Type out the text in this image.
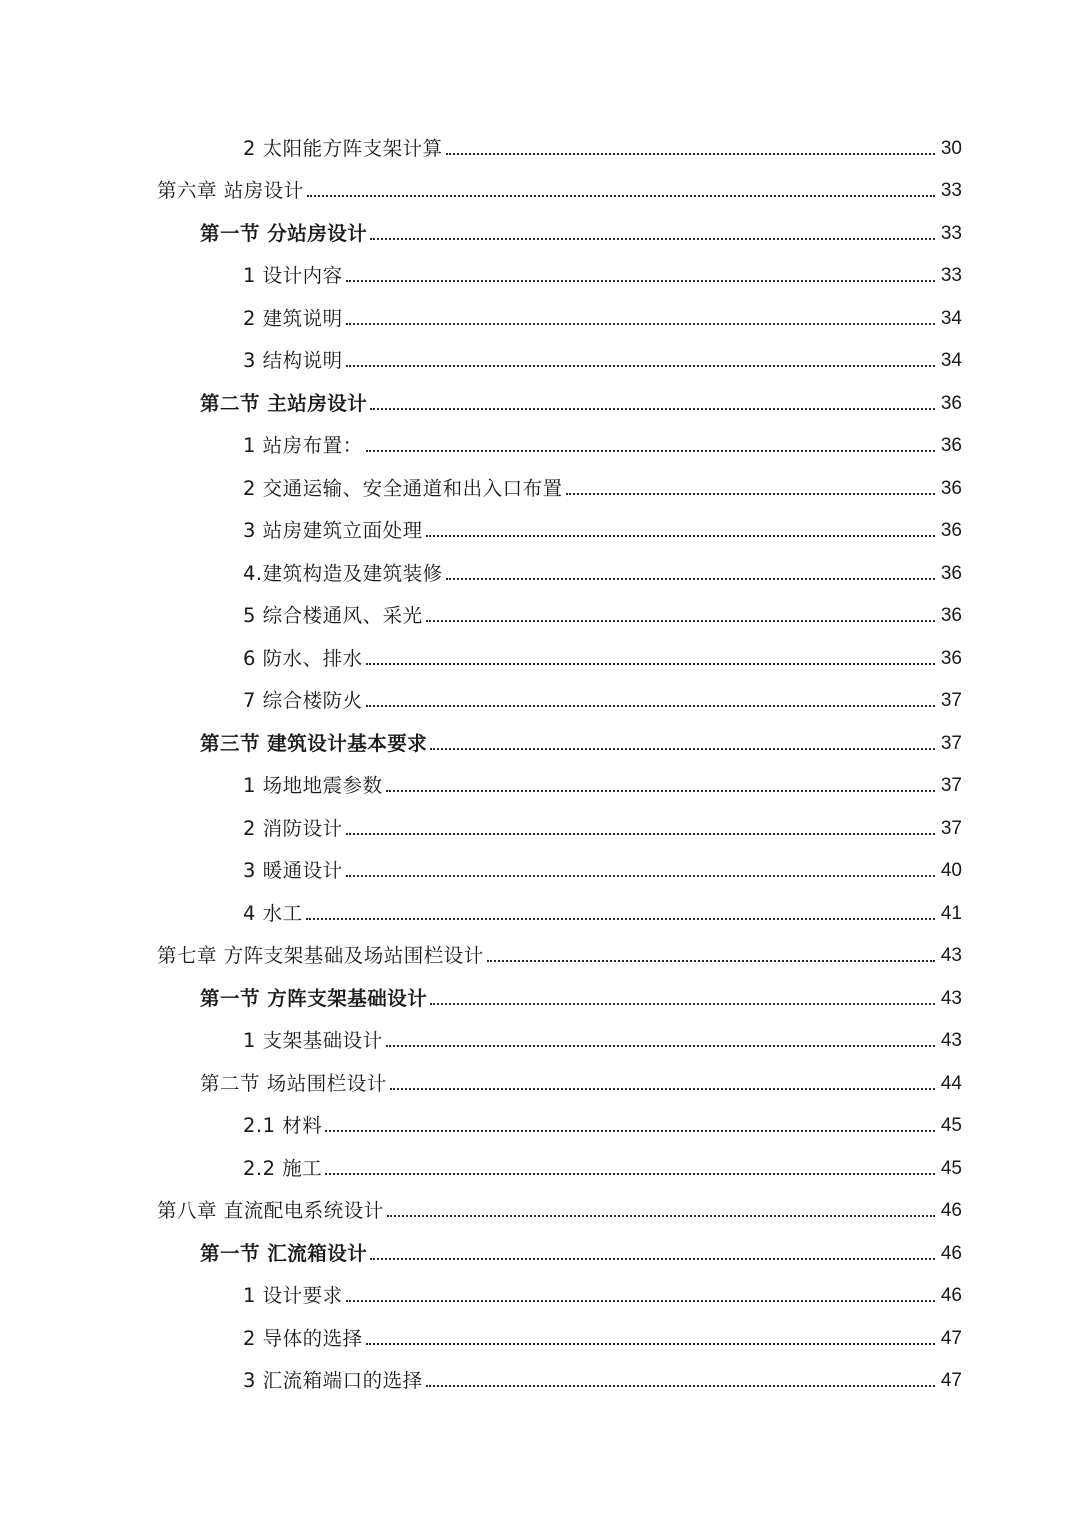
2 太阳能方阵支架计算	30
第六章 站房设计	33
第一节 分站房设计	33
1 设计内容	33
2 建筑说明	34
3 结构说明	34
第二节 主站房设计	36
1 站房布置：	36
2 交通运输、安全通道和出入口布置	36
3 站房建筑立面处理	36
4.建筑构造及建筑装修	36
5 综合楼通风、采光	36
6 防水、排水	36
7 综合楼防火	37
第三节 建筑设计基本要求	37
1 场地地震参数	37
2 消防设计	37
3 暖通设计	40
4 水工	41
第七章 方阵支架基础及场站围栏设计	43
第一节 方阵支架基础设计	43
1 支架基础设计	43
第二节 场站围栏设计	44
2.1 材料	45
2.2 施工	45
第八章 直流配电系统设计	46
第一节 汇流箱设计	46
1 设计要求	46
2 导体的选择	47
3 汇流箱端口的选择	47
